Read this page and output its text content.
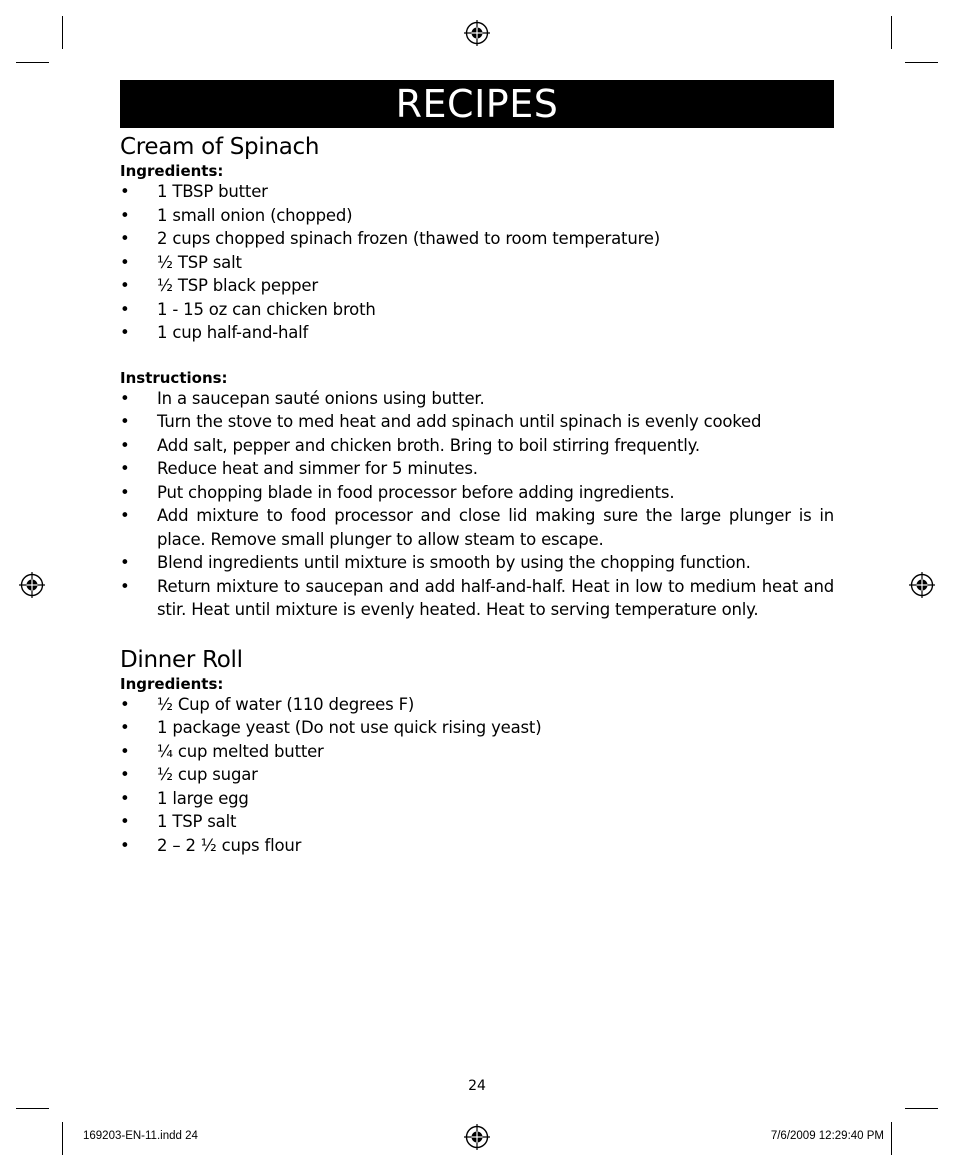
RECIPES
Cream of Spinach
Ingredients:
• 1 TBSP butter
• 1 small onion (chopped)
• 2 cups chopped spinach frozen (thawed to room temperature)
• ½ TSP salt
• ½ TSP black pepper
• 1 - 15 oz can chicken broth
• 1 cup half-and-half
Instructions:
• In a saucepan sauté onions using butter.
• Turn the stove to med heat and add spinach until spinach is evenly cooked
• Add salt, pepper and chicken broth. Bring to boil stirring frequently.
• Reduce heat and simmer for 5 minutes.
• Put chopping blade in food processor before adding ingredients.
• Add mixture to food processor and close lid making sure the large plunger is in place. Remove small plunger to allow steam to escape.
• Blend ingredients until mixture is smooth by using the chopping function.
• Return mixture to saucepan and add half-and-half. Heat in low to medium heat and stir. Heat until mixture is evenly heated. Heat to serving temperature only.
Dinner Roll
Ingredients:
• ½ Cup of water (110 degrees F)
• 1 package yeast (Do not use quick rising yeast)
• ¼ cup melted butter
• ½ cup sugar
• 1 large egg
• 1 TSP salt
• 2 – 2 ½ cups flour
24
169203-EN-11.indd 24	7/6/2009 12:29:40 PM
